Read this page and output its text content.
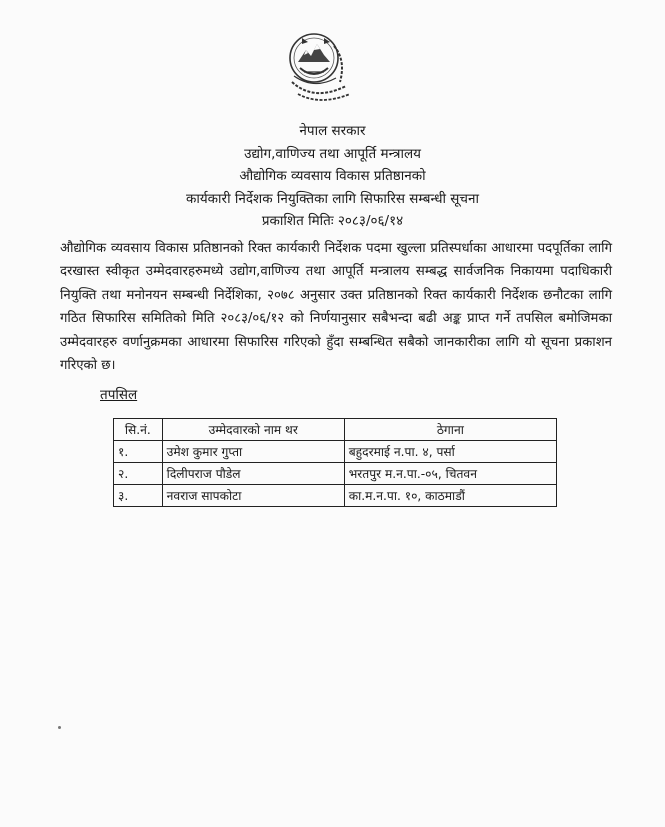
नेपाल सरकार
उद्योग,वाणिज्य तथा आपूर्ति मन्त्रालय
औद्योगिक व्यवसाय विकास प्रतिष्ठानको
कार्यकारी निर्देशक नियुक्तिका लागि सिफारिस सम्बन्धी सूचना
प्रकाशित मितिः २०८३/०६/१४
औद्योगिक व्यवसाय विकास प्रतिष्ठानको रिक्त कार्यकारी निर्देशक पदमा खुल्ला प्रतिस्पर्धाका आधारमा पदपूर्तिका लागि दरखास्त स्वीकृत उम्मेदवारहरुमध्ये उद्योग,वाणिज्य तथा आपूर्ति मन्त्रालय सम्बद्ध सार्वजनिक निकायमा पदाधिकारी नियुक्ति तथा मनोनयन सम्बन्धी निर्देशिका, २०७८ अनुसार उक्त प्रतिष्ठानको रिक्त कार्यकारी निर्देशक छनौटका लागि गठित सिफारिस समितिको मिति २०८३/०६/१२ को निर्णयानुसार सबैभन्दा बढी अङ्क प्राप्त गर्ने तपसिल बमोजिमका उम्मेदवारहरु वर्णानुक्रमका आधारमा सिफारिस गरिएको हुँदा सम्बन्धित सबैको जानकारीका लागि यो सूचना प्रकाशन गरिएको छ।
तपसिल
सि.नं.	उम्मेदवारको नाम थर	ठेगाना
१.	उमेश कुमार गुप्ता	बहुदरमाई न.पा. ४, पर्सा
२.	दिलीपराज पौडेल	भरतपुर म.न.पा.-०५, चितवन
३.	नवराज सापकोटा	का.म.न.पा. १०, काठमाडौं
